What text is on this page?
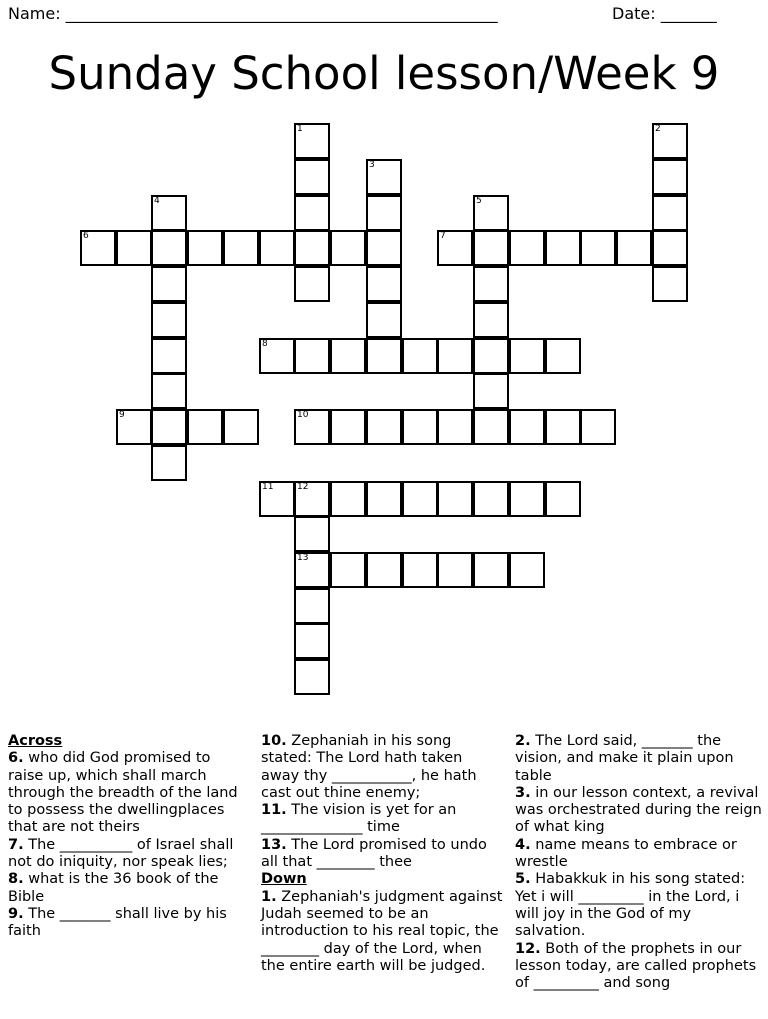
Name: ______________________________________________________	Date: _______
Sunday School lesson/Week 9
1	2
3
4	5
6	7
8
9	10
11	12
13
Across
6. who did God promised to raise up, which shall march through the breadth of the land to possess the dwellingplaces that are not theirs
7. The __________ of Israel shall not do iniquity, nor speak lies;
8. what is the 36 book of the Bible
9. The _______ shall live by his faith
10. Zephaniah in his song stated: The Lord hath taken away thy ___________, he hath cast out thine enemy;
11. The vision is yet for an ______________ time
13. The Lord promised to undo all that ________ thee
Down
1. Zephaniah's judgment against Judah seemed to be an introduction to his real topic, the ________ day of the Lord, when the entire earth will be judged.
2. The Lord said, _______ the vision, and make it plain upon table
3. in our lesson context, a revival was orchestrated during the reign of what king
4. name means to embrace or wrestle
5. Habakkuk in his song stated: Yet i will _________ in the Lord, i will joy in the God of my salvation.
12. Both of the prophets in our lesson today, are called prophets of _________ and song
